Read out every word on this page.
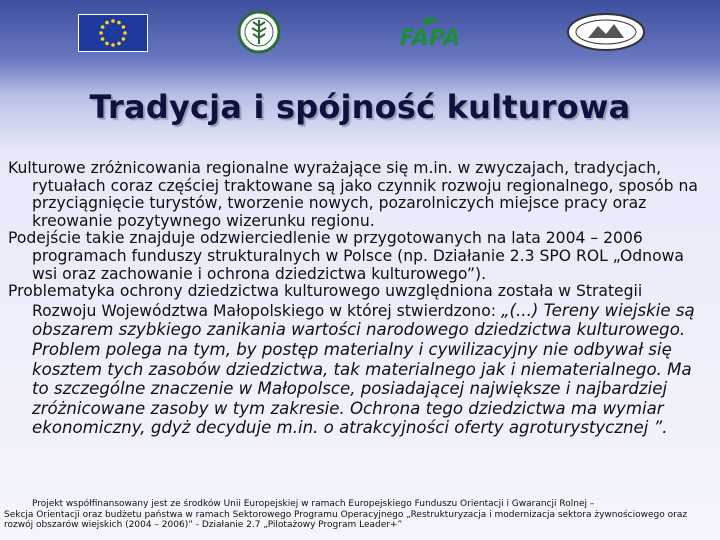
FAPA
Tradycja i spójność kulturowa

Kulturowe zróżnicowania regionalne wyrażające się m.in. w zwyczajach, tradycjach, rytuałach coraz częściej traktowane są jako czynnik rozwoju regionalnego, sposób na przyciągnięcie turystów, tworzenie nowych, pozarolniczych miejsce pracy oraz kreowanie pozytywnego wizerunku regionu.

Podejście takie znajduje odzwierciedlenie w przygotowanych na lata 2004 – 2006 programach funduszy strukturalnych w Polsce (np. Działanie 2.3 SPO ROL „Odnowa wsi oraz zachowanie i ochrona dziedzictwa kulturowego”).

Problematyka ochrony dziedzictwa kulturowego uwzględniona została w Strategii Rozwoju Województwa Małopolskiego w której stwierdzono: „(...) Tereny wiejskie są obszarem szybkiego zanikania wartości narodowego dziedzictwa kulturowego. Problem polega na tym, by postęp materialny i cywilizacyjny nie odbywał się kosztem tych zasobów dziedzictwa, tak materialnego jak i niematerialnego. Ma to szczególne znaczenie w Małopolsce, posiadającej największe i najbardziej zróżnicowane zasoby w tym zakresie. Ochrona tego dziedzictwa ma wymiar ekonomiczny, gdyż decyduje m.in. o atrakcyjności oferty agroturystycznej ”.

Projekt współfinansowany jest ze środków Unii Europejskiej w ramach Europejskiego Funduszu Orientacji i Gwarancji Rolnej –
Sekcja Orientacji oraz budżetu państwa w ramach Sektorowego Programu Operacyjnego „Restrukturyzacja i modernizacja sektora żywnościowego oraz rozwój obszarów wiejskich (2004 – 2006)” - Działanie 2.7 „Pilotażowy Program Leader+”
